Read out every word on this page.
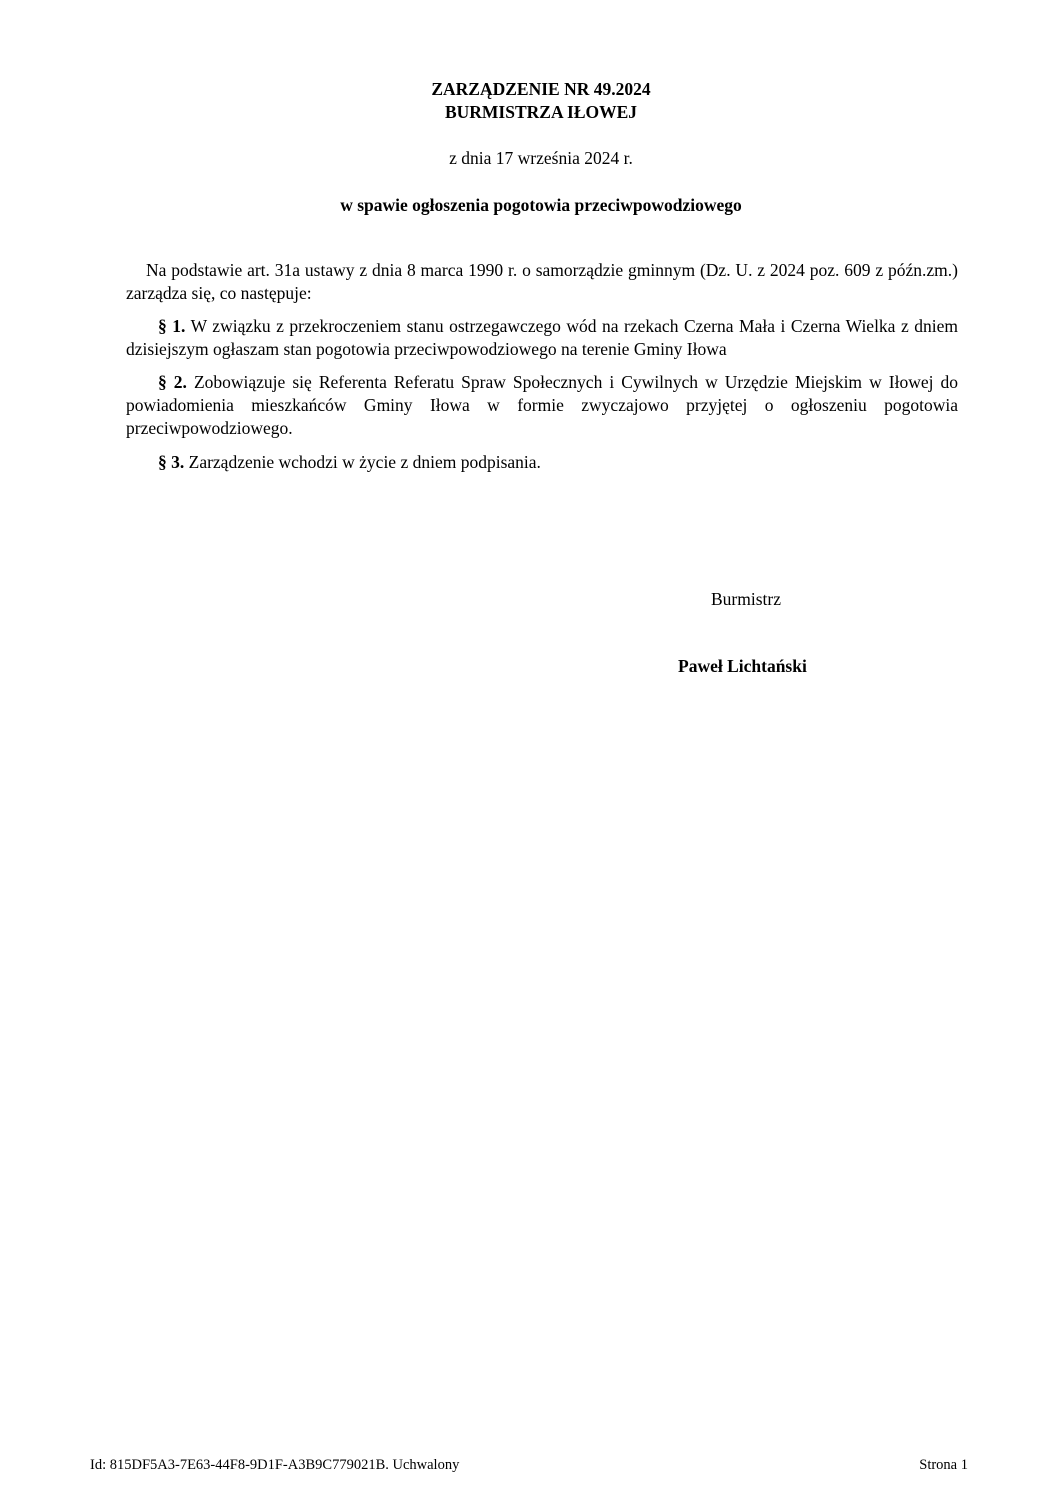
ZARZĄDZENIE NR 49.2024
BURMISTRZA IŁOWEJ
z dnia 17 września 2024 r.
w spawie ogłoszenia pogotowia przeciwpowodziowego

Na podstawie art. 31a ustawy z dnia 8 marca 1990 r. o samorządzie gminnym (Dz. U. z 2024 poz. 609 z późn.zm.) zarządza się, co następuje:

§ 1. W związku z przekroczeniem stanu ostrzegawczego wód na rzekach Czerna Mała i Czerna Wielka z dniem dzisiejszym ogłaszam stan pogotowia przeciwpowodziowego na terenie Gminy Iłowa

§ 2. Zobowiązuje się Referenta Referatu Spraw Społecznych i Cywilnych w Urzędzie Miejskim w Iłowej do powiadomienia mieszkańców Gminy Iłowa w formie zwyczajowo przyjętej o ogłoszeniu pogotowia przeciwpowodziowego.

§ 3. Zarządzenie wchodzi w życie z dniem podpisania.

Burmistrz
Paweł Lichtański
Id: 815DF5A3-7E63-44F8-9D1F-A3B9C779021B. Uchwalony	Strona 1
